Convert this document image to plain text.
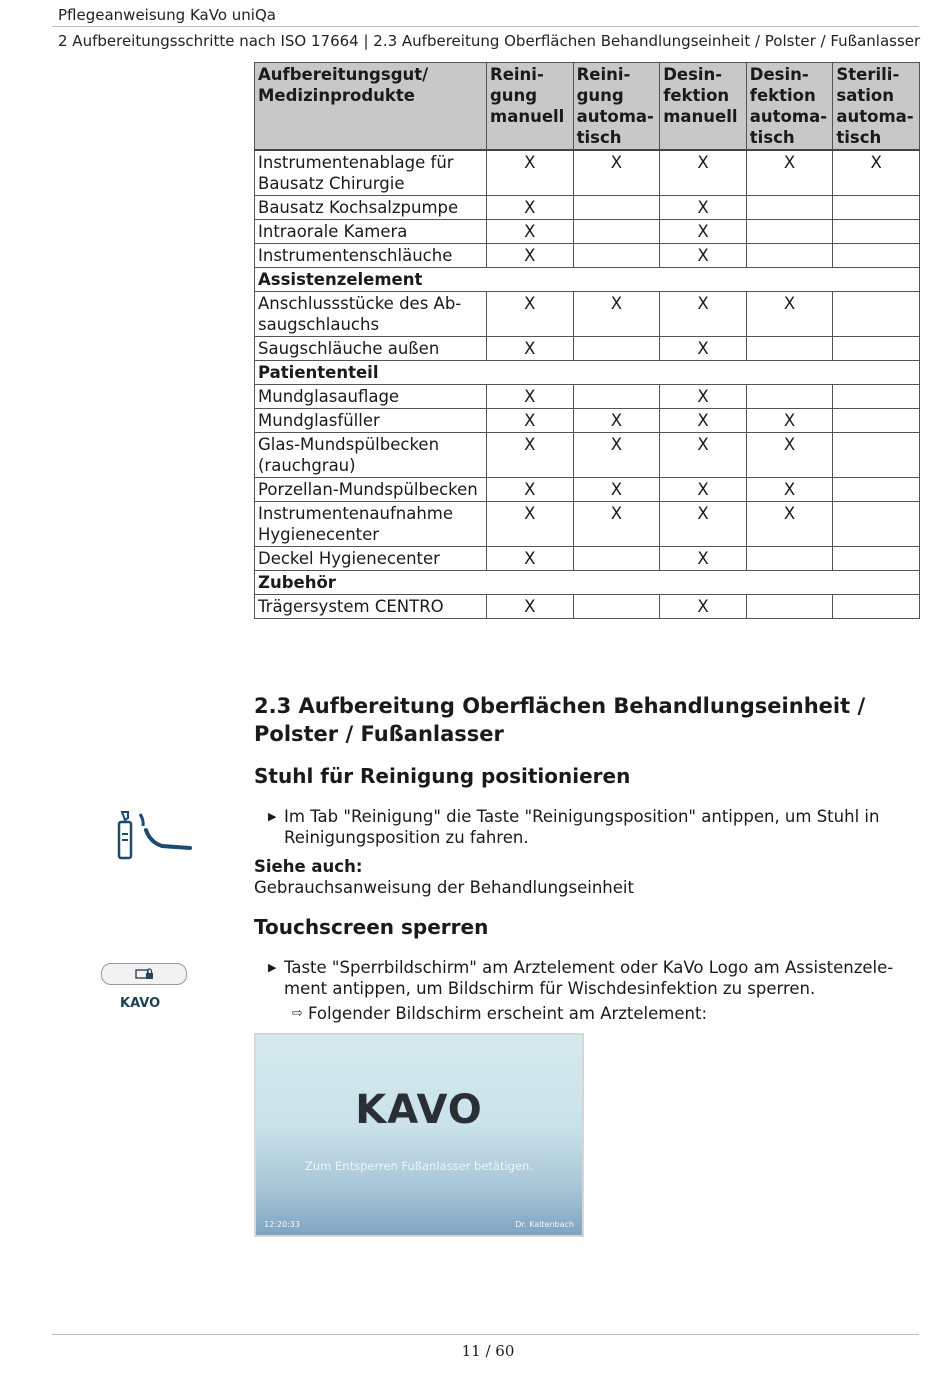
Pflegeanweisung KaVo uniQa
2 Aufbereitungsschritte nach ISO 17664 | 2.3 Aufbereitung Oberflächen Behandlungseinheit / Polster / Fußanlasser
Aufbereitungsgut/ Medizinprodukte	Reini- gung manuell	Reini- gung automa- tisch	Desin- fektion manuell	Desin- fektion automa- tisch	Sterili- sation automa- tisch
Instrumentenablage für Bausatz Chirurgie	X	X	X	X	X
Bausatz Kochsalzpumpe	X		X		
Intraorale Kamera	X		X		
Instrumentenschläuche	X		X		
Assistenzelement					
Anschlussstücke des Ab- saugschlauchs	X	X	X	X	
Saugschläuche außen	X		X		
Patiententeil					
Mundglasauflage	X		X		
Mundglasfüller	X	X	X	X	
Glas-Mundspülbecken (rauchgrau)	X	X	X	X	
Porzellan-Mundspülbecken	X	X	X	X	
Instrumentenaufnahme Hygienecenter	X	X	X	X	
Deckel Hygienecenter	X		X		
Zubehör					
Trägersystem CENTRO	X		X		
2.3 Aufbereitung Oberflächen Behandlungseinheit / Polster / Fußanlasser
Stuhl für Reinigung positionieren
▶ Im Tab "Reinigung" die Taste "Reinigungsposition" antippen, um Stuhl in Reinigungsposition zu fahren.
Siehe auch:
Gebrauchsanweisung der Behandlungseinheit
Touchscreen sperren
KAVO
▶ Taste "Sperrbildschirm" am Arztelement oder KaVo Logo am Assistenzele- ment antippen, um Bildschirm für Wischdesinfektion zu sperren.
⇨ Folgender Bildschirm erscheint am Arztelement:
KAVO
Zum Entsperren Fußanlasser betätigen.
12:20:33	Dr. Kaltenbach
11 / 60
